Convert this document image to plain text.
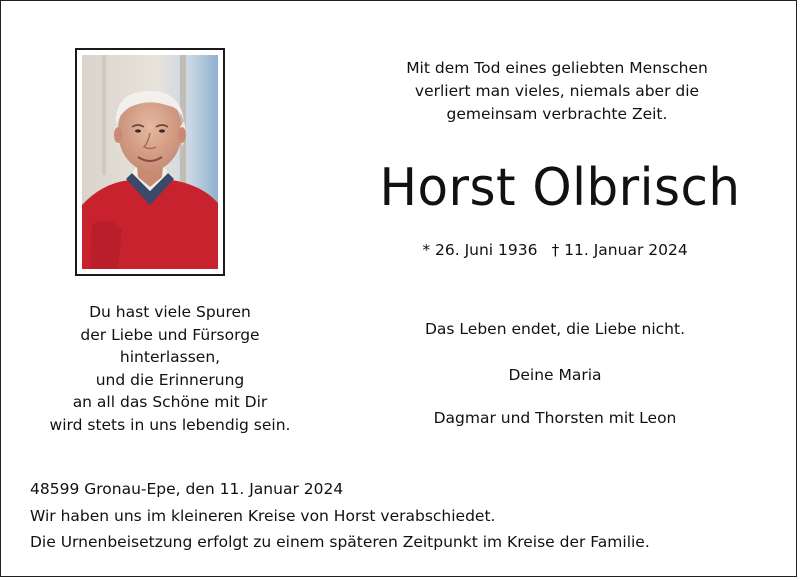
Mit dem Tod eines geliebten Menschen
verliert man vieles, niemals aber die
gemeinsam verbrachte Zeit.
Horst Olbrisch
* 26. Juni 1936 † 11. Januar 2024
Du hast viele Spuren
der Liebe und Fürsorge
hinterlassen,
und die Erinnerung
an all das Schöne mit Dir
wird stets in uns lebendig sein.
Das Leben endet, die Liebe nicht.
Deine Maria
Dagmar und Thorsten mit Leon
48599 Gronau-Epe, den 11. Januar 2024
Wir haben uns im kleineren Kreise von Horst verabschiedet.
Die Urnenbeisetzung erfolgt zu einem späteren Zeitpunkt im Kreise der Familie.
